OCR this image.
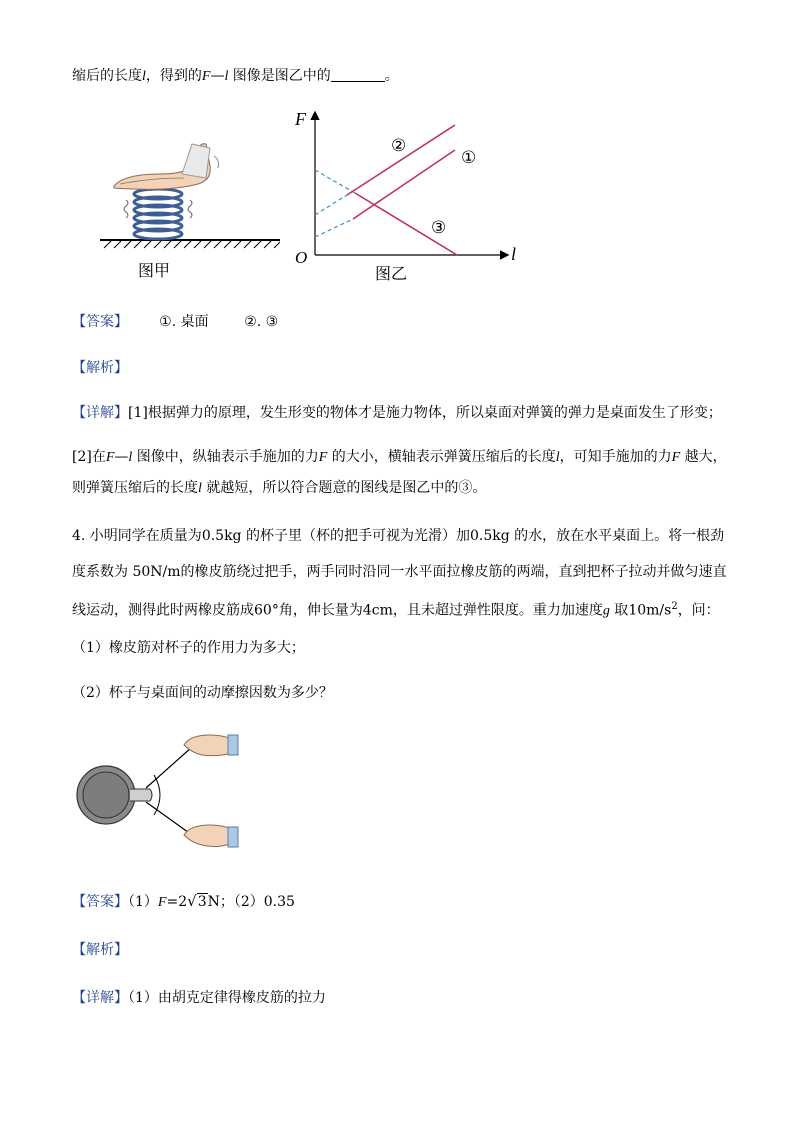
缩后的长度l，得到的F—l 图像是图乙中的	。
图甲
F
l
O
①
②
③
图乙
【答案】 ①. 桌面	②. ③
【解析】
【详解】[1]根据弹力的原理，发生形变的物体才是施力物体，所以桌面对弹簧的弹力是桌面发生了形变；
[2]在F—l 图像中，纵轴表示手施加的力F 的大小，横轴表示弹簧压缩后的长度l，可知手施加的力F 越大，
则弹簧压缩后的长度l 就越短，所以符合题意的图线是图乙中的③。
4. 小明同学在质量为0.5kg 的杯子里（杯的把手可视为光滑）加0.5kg 的水，放在水平桌面上。将一根劲
度系数为 50N/m的橡皮筋绕过把手，两手同时沿同一水平面拉橡皮筋的两端，直到把杯子拉动并做匀速直
线运动，测得此时两橡皮筋成60°角，伸长量为4cm，且未超过弹性限度。重力加速度g 取$10m/s^2$，问：
（1）橡皮筋对杯子的作用力为多大；
（2）杯子与桌面间的动摩擦因数为多少？
【答案】（1）F=2√3N；（2）0.35
【解析】
【详解】（1）由胡克定律得橡皮筋的拉力
